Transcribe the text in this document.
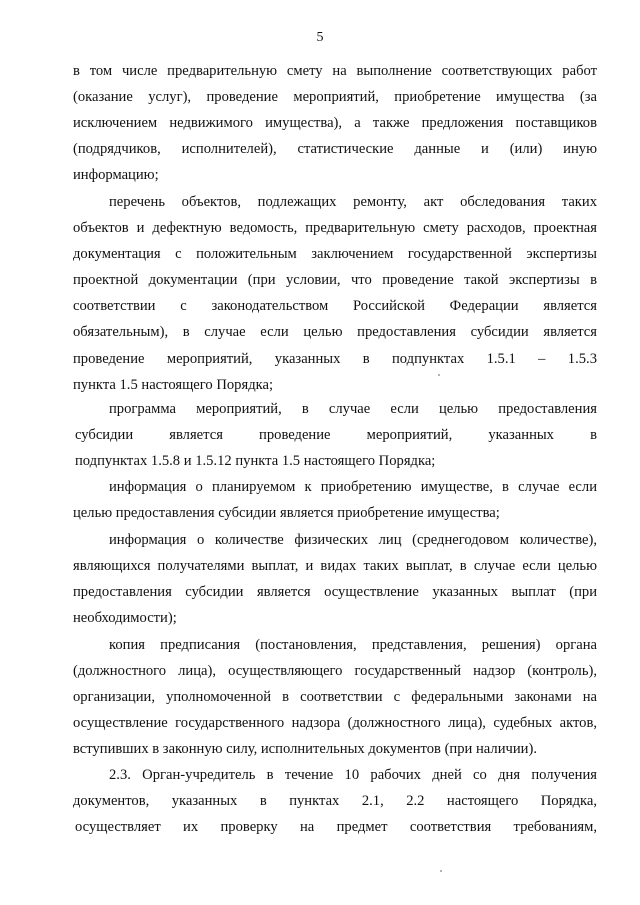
5
в том числе предварительную смету на выполнение соответствующих работ
(оказание услуг), проведение мероприятий, приобретение имущества (за
исключением недвижимого имущества), а также предложения поставщиков
(подрядчиков, исполнителей), статистические данные и (или) иную
информацию;
перечень объектов, подлежащих ремонту, акт обследования таких
объектов и дефектную ведомость, предварительную смету расходов, проектная
документация с положительным заключением государственной экспертизы
проектной документации (при условии, что проведение такой экспертизы в
соответствии с законодательством Российской Федерации является
обязательным), в случае если целью предоставления субсидии является
проведение мероприятий, указанных в подпунктах 1.5.1 – 1.5.3
пункта 1.5 настоящего Порядка;
программа мероприятий, в случае если целью предоставления
субсидии является проведение мероприятий, указанных в
подпунктах 1.5.8 и 1.5.12 пункта 1.5 настоящего Порядка;
информация о планируемом к приобретению имуществе, в случае если
целью предоставления субсидии является приобретение имущества;
информация о количестве физических лиц (среднегодовом количестве),
являющихся получателями выплат, и видах таких выплат, в случае если целью
предоставления субсидии является осуществление указанных выплат (при
необходимости);
копия предписания (постановления, представления, решения) органа
(должностного лица), осуществляющего государственный надзор (контроль),
организации, уполномоченной в соответствии с федеральными законами на
осуществление государственного надзора (должностного лица), судебных актов,
вступивших в законную силу, исполнительных документов (при наличии).
2.3. Орган-учредитель в течение 10 рабочих дней со дня получения
документов, указанных в пунктах 2.1, 2.2 настоящего Порядка,
осуществляет их проверку на предмет соответствия требованиям,
